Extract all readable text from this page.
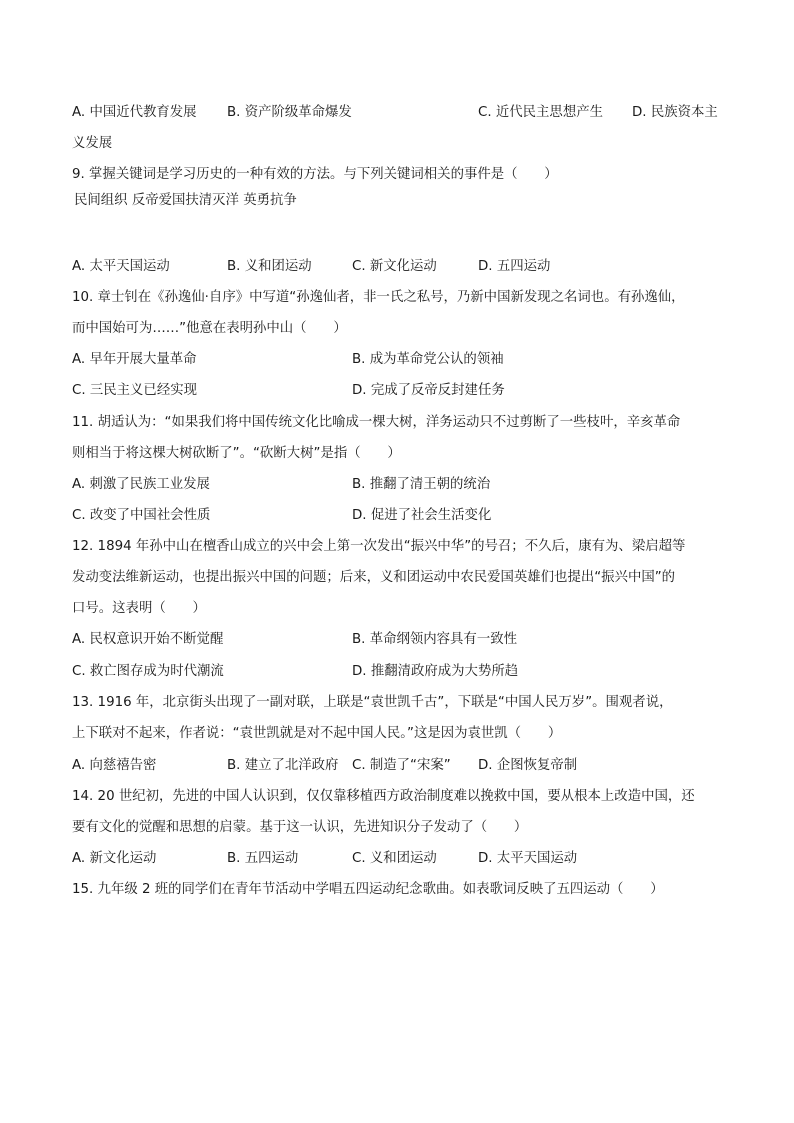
A. 中国近代教育发展 B. 资产阶级革命爆发	C. 近代民主思想产生 D. 民族资本主
义发展
9. 掌握关键词是学习历史的一种有效的方法。与下列关键词相关的事件是（　　）
民间组织 反帝爱国扶清灭洋 英勇抗争
A. 太平天国运动	B. 义和团运动	C. 新文化运动	D. 五四运动
10. 章士钊在《孙逸仙·自序》中写道“孙逸仙者，非一氏之私号，乃新中国新发现之名词也。有孙逸仙，
而中国始可为……”他意在表明孙中山（　　）
A. 早年开展大量革命	B. 成为革命党公认的领袖
C. 三民主义已经实现	D. 完成了反帝反封建任务
11. 胡适认为：“如果我们将中国传统文化比喻成一棵大树，洋务运动只不过剪断了一些枝叶，辛亥革命
则相当于将这棵大树砍断了”。“砍断大树”是指（　　）
A. 刺激了民族工业发展	B. 推翻了清王朝的统治
C. 改变了中国社会性质	D. 促进了社会生活变化
12. 1894 年孙中山在檀香山成立的兴中会上第一次发出“振兴中华”的号召；不久后，康有为、梁启超等
发动变法维新运动，也提出振兴中国的问题；后来，义和团运动中农民爱国英雄们也提出“振兴中国”的
口号。这表明（　　）
A. 民权意识开始不断觉醒	B. 革命纲领内容具有一致性
C. 救亡图存成为时代潮流	D. 推翻清政府成为大势所趋
13. 1916 年，北京街头出现了一副对联，上联是“袁世凯千古”，下联是“中国人民万岁”。围观者说，
上下联对不起来，作者说：“袁世凯就是对不起中国人民。”这是因为袁世凯（　　）
A. 向慈禧告密	B. 建立了北洋政府 C. 制造了“宋案” D. 企图恢复帝制
14. 20 世纪初，先进的中国人认识到，仅仅靠移植西方政治制度难以挽救中国，要从根本上改造中国，还
要有文化的觉醒和思想的启蒙。基于这一认识，先进知识分子发动了（　　）
A. 新文化运动	B. 五四运动	C. 义和团运动	D. 太平天国运动
15. 九年级 2 班的同学们在青年节活动中学唱五四运动纪念歌曲。如表歌词反映了五四运动（　　）
